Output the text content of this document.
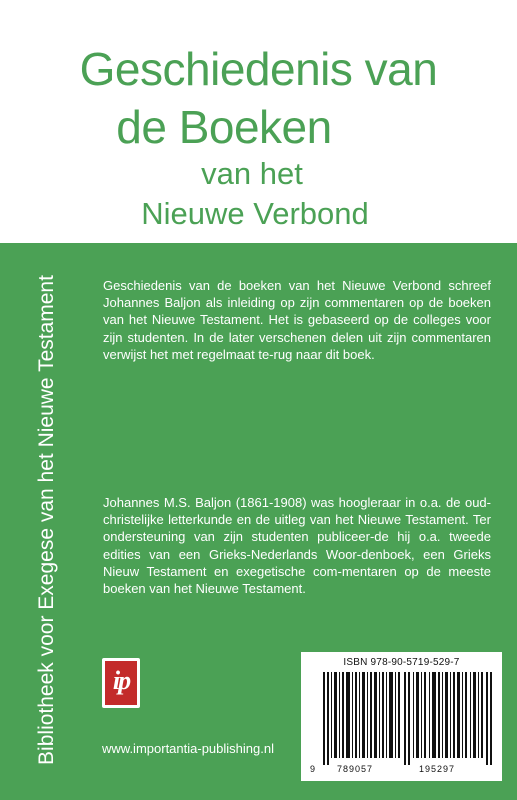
Geschiedenis van
de Boeken
van het
Nieuwe Verbond
Bibliotheek voor Exegese van het Nieuwe Testament	Geschiedenis van de boeken van het Nieuwe Verbond schreef Johannes Baljon als inleiding op zijn commentaren op de boeken van het Nieuwe Testament. Het is gebaseerd op de colleges voor zijn studenten. In de later verschenen delen uit zijn commentaren verwijst het met regelmaat te-rug naar dit boek.
Johannes M.S. Baljon (1861-1908) was hoogleraar in o.a. de oud-christelijke letterkunde en de uitleg van het Nieuwe Testament. Ter ondersteuning van zijn studenten publiceer-de hij o.a. tweede edities van een Grieks-Nederlands Woor-denboek, een Grieks Nieuw Testament en exegetische com-mentaren op de meeste boeken van het Nieuwe Testament.
ip
www.importantia-publishing.nl
ISBN 978-90-5719-529-7
9 789057	195297
